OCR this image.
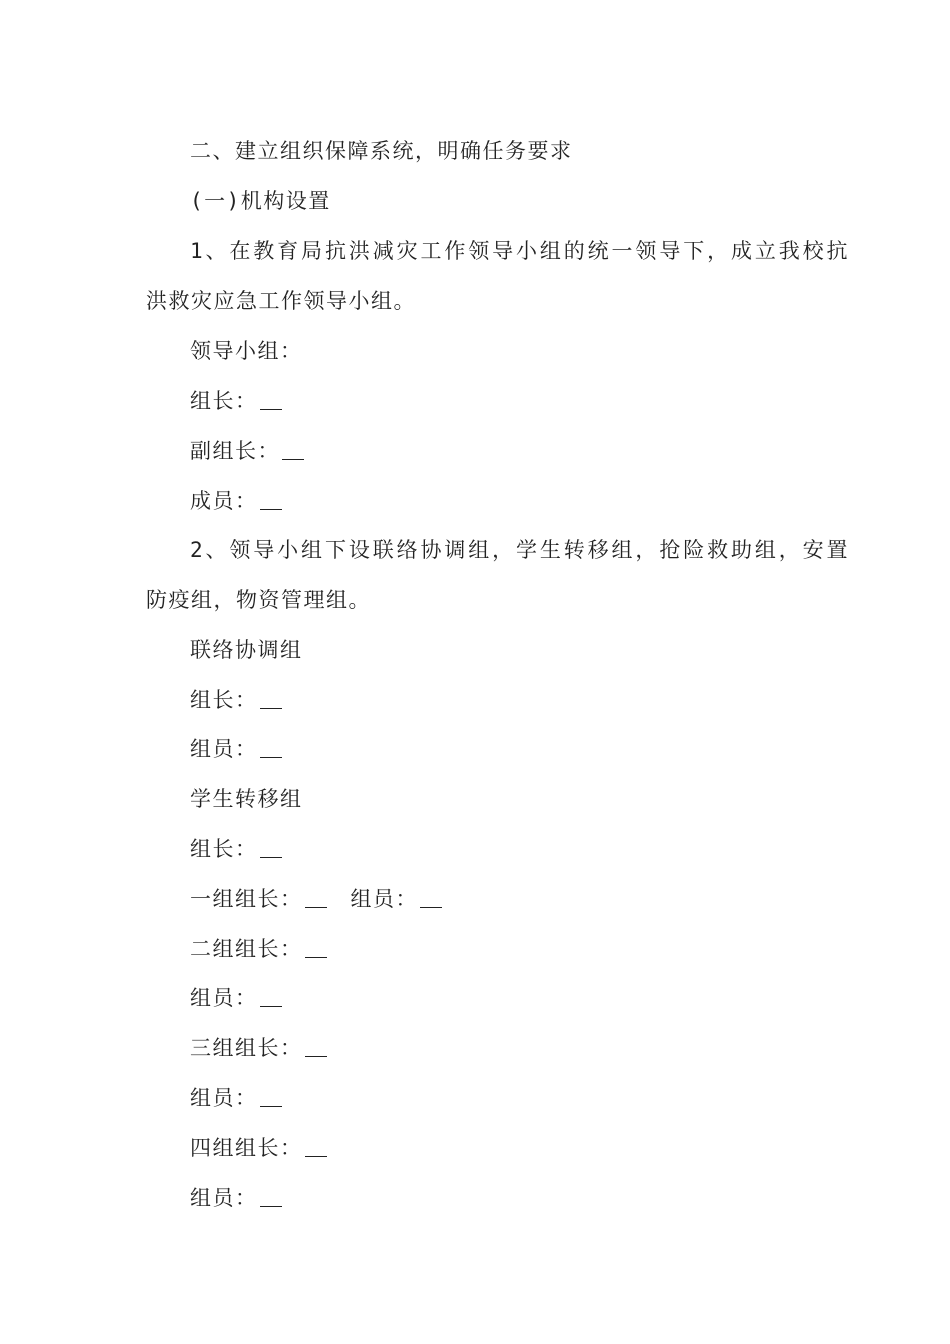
二、建立组织保障系统，明确任务要求
(一)机构设置
1、在教育局抗洪减灾工作领导小组的统一领导下，成立我校抗
洪救灾应急工作领导小组。
领导小组：
组长：
副组长：
成员：
2、领导小组下设联络协调组，学生转移组，抢险救助组，安置
防疫组，物资管理组。
联络协调组
组长：
组员：
学生转移组
组长：
一组组长： 组员：
二组组长：
组员：
三组组长：
组员：
四组组长：
组员：
